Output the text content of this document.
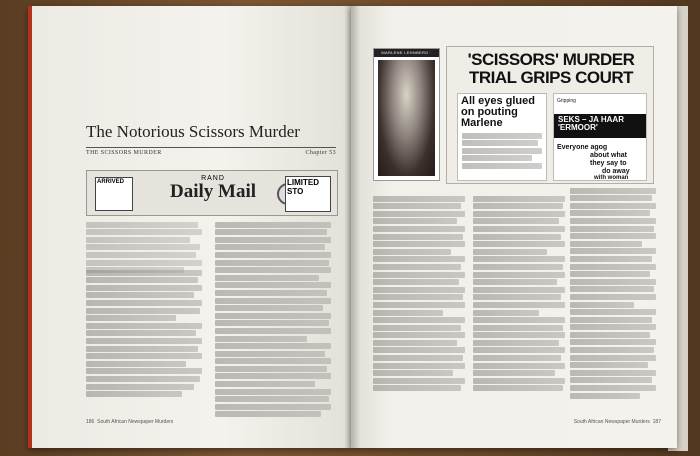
The Notorious Scissors Murder
THE SCISSORS MURDER	Chapter 53
ARRIVED	RAND
Daily Mail	LIMITED
STO
186 South African Newspaper Murders
MARLENE LEHNBERG ·	'SCISSORS' MURDER TRIAL GRIPS COURT
All eyes glued on pouting Marlene	SEKS – JA HAAR
'ERMOOR'
Gripping
Everyone agog
about what
they say to
do away
with woman
South African Newspaper Murders 187
